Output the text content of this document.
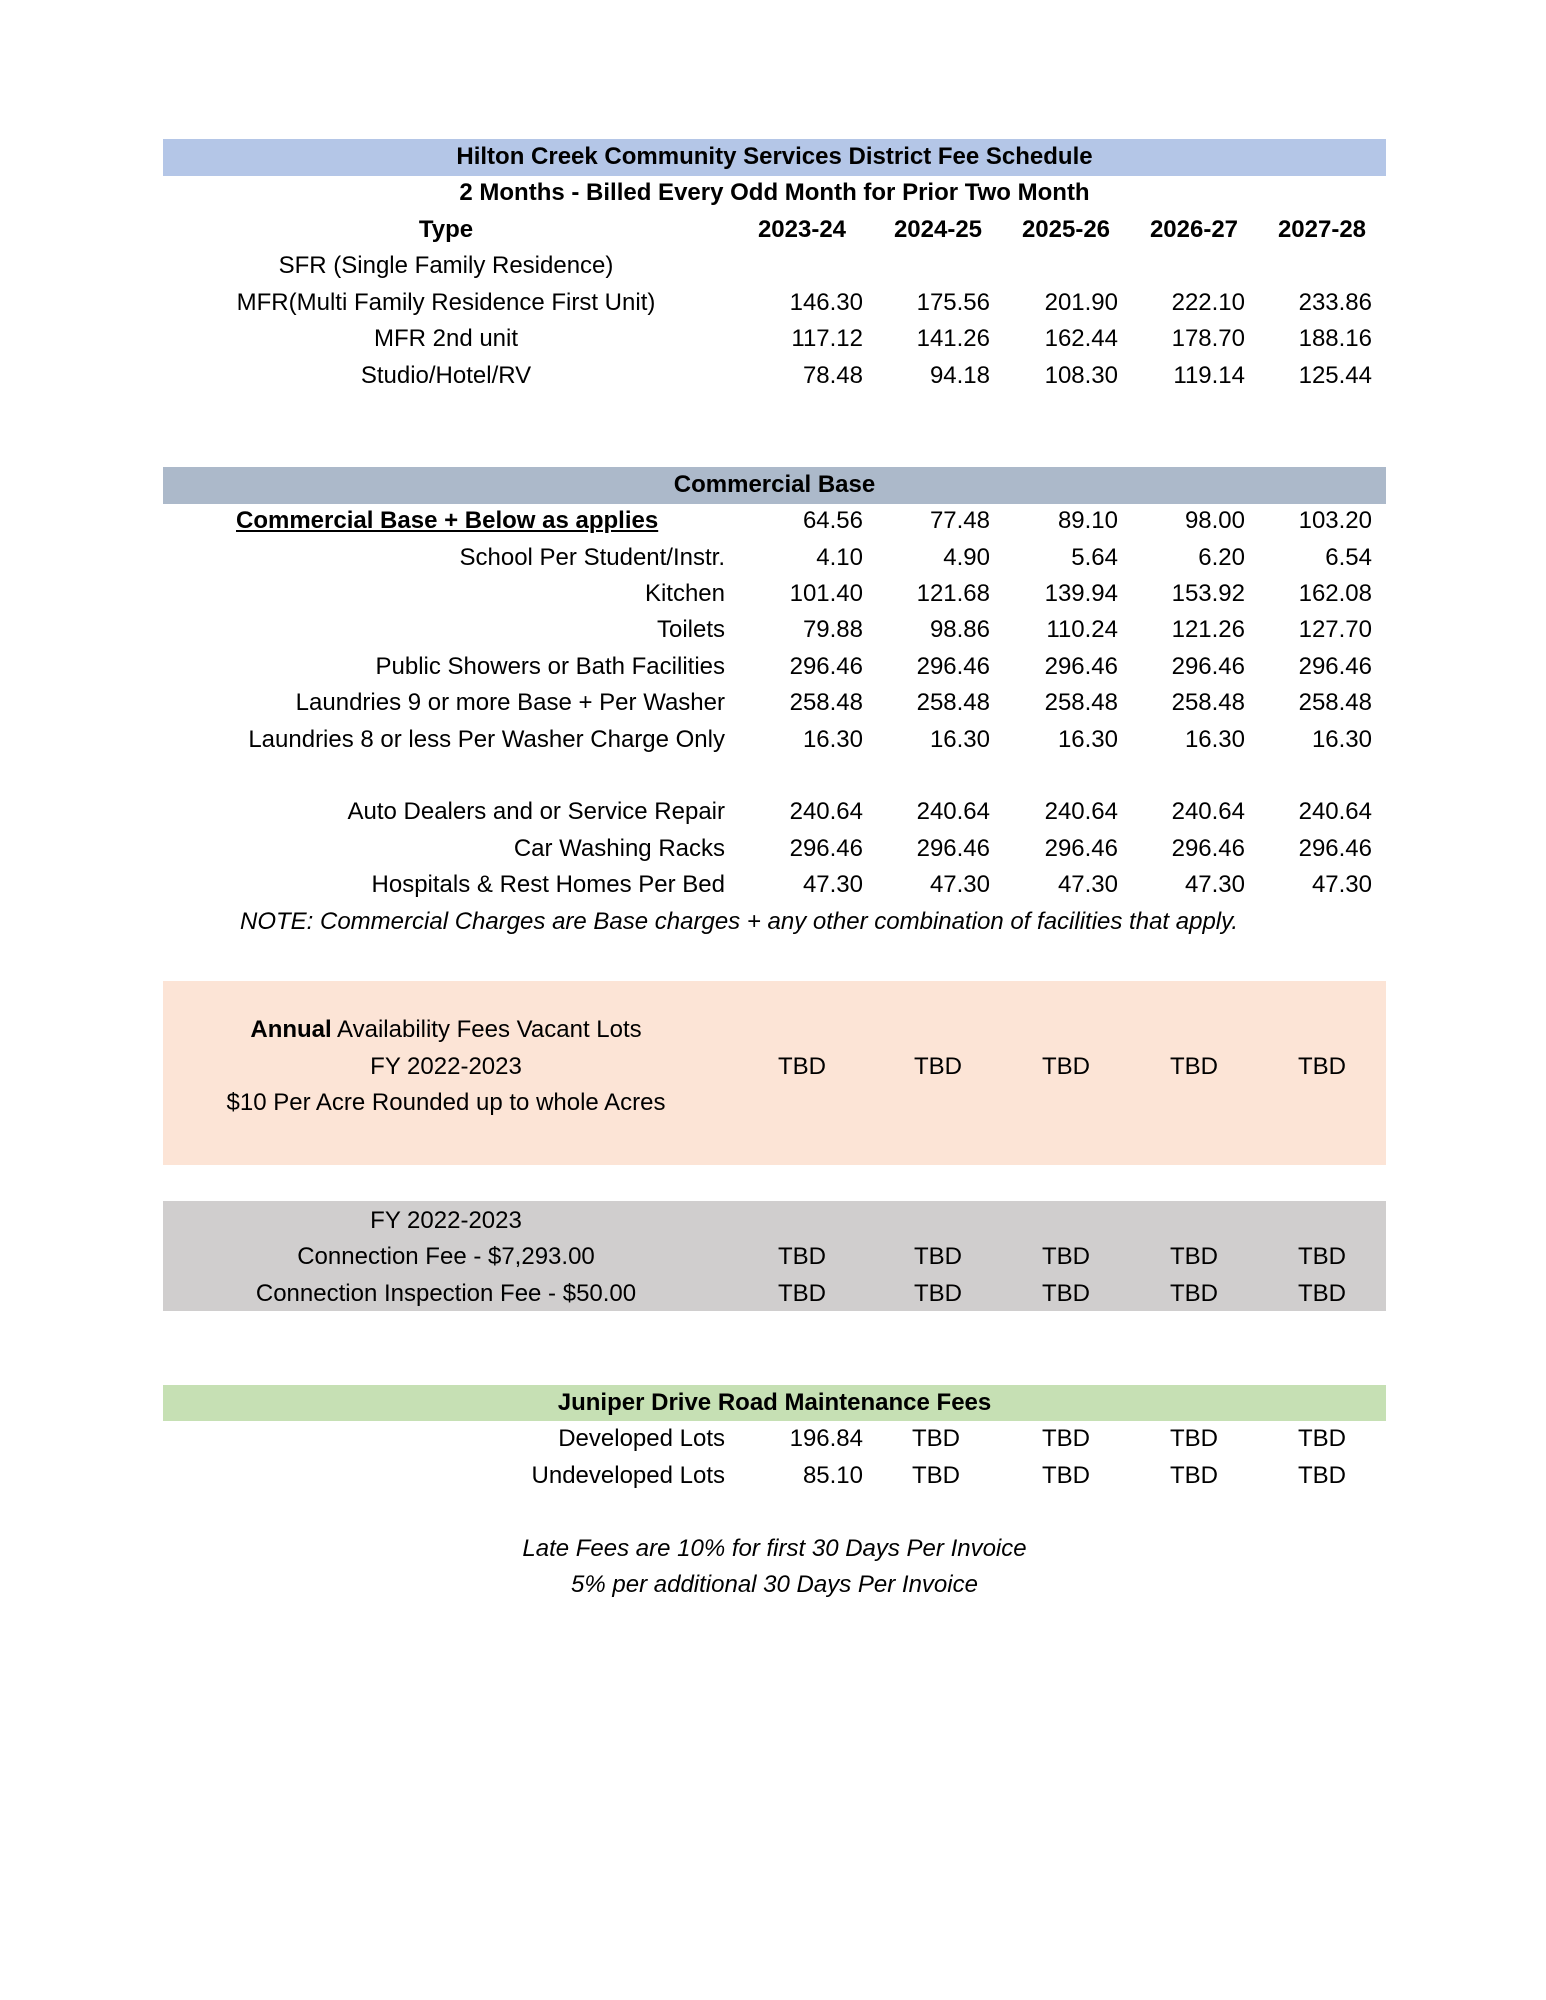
Hilton Creek Community Services District Fee Schedule
2 Months - Billed Every Odd Month for Prior Two Month
Type	2023-24	2024-25	2025-26	2026-27	2027-28
SFR (Single Family Residence)
MFR(Multi Family Residence First Unit)	146.30	175.56	201.90	222.10	233.86
MFR 2nd unit	117.12	141.26	162.44	178.70	188.16
Studio/Hotel/RV	78.48	94.18	108.30	119.14	125.44
Commercial Base
Commercial Base + Below as applies	64.56	77.48	89.10	98.00	103.20
School Per Student/Instr.	4.10	4.90	5.64	6.20	6.54
Kitchen	101.40	121.68	139.94	153.92	162.08
Toilets	79.88	98.86	110.24	121.26	127.70
Public Showers or Bath Facilities	296.46	296.46	296.46	296.46	296.46
Laundries 9 or more Base + Per Washer	258.48	258.48	258.48	258.48	258.48
Laundries 8 or less Per Washer Charge Only	16.30	16.30	16.30	16.30	16.30
Auto Dealers and or Service Repair	240.64	240.64	240.64	240.64	240.64
Car Washing Racks	296.46	296.46	296.46	296.46	296.46
Hospitals & Rest Homes Per Bed	47.30	47.30	47.30	47.30	47.30
NOTE: Commercial Charges are Base charges + any other combination of facilities that apply.
Annual Availability Fees Vacant Lots
FY 2022-2023	TBD	TBD	TBD	TBD	TBD
$10 Per Acre Rounded up to whole Acres
FY 2022-2023
Connection Fee - $7,293.00	TBD	TBD	TBD	TBD	TBD
Connection Inspection Fee - $50.00	TBD	TBD	TBD	TBD	TBD
Juniper Drive Road Maintenance Fees
Developed Lots	196.84	TBD	TBD	TBD	TBD
Undeveloped Lots	85.10	TBD	TBD	TBD	TBD
Late Fees are 10% for first 30 Days Per Invoice
5% per additional 30 Days Per Invoice
